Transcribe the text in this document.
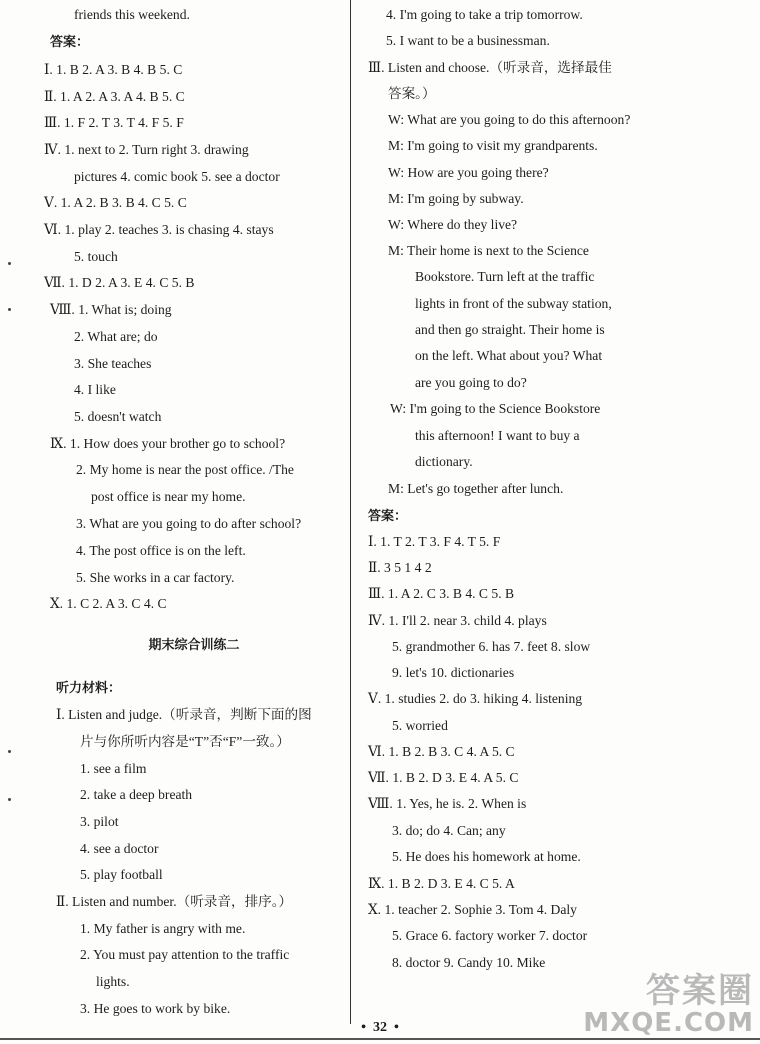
friends this weekend.
答案：
Ⅰ. 1. B 2. A 3. B 4. B 5. C
Ⅱ. 1. A 2. A 3. A 4. B 5. C
Ⅲ. 1. F 2. T 3. T 4. F 5. F
Ⅳ. 1. next to 2. Turn right 3. drawing
pictures 4. comic book 5. see a doctor
Ⅴ. 1. A 2. B 3. B 4. C 5. C
Ⅵ. 1. play 2. teaches 3. is chasing 4. stays
5. touch
Ⅶ. 1. D 2. A 3. E 4. C 5. B
Ⅷ. 1. What is; doing
2. What are; do
3. She teaches
4. I like
5. doesn't watch
Ⅸ. 1. How does your brother go to school?
2. My home is near the post office. /The
post office is near my home.
3. What are you going to do after school?
4. The post office is on the left.
5. She works in a car factory.
Ⅹ. 1. C 2. A 3. C 4. C
期末综合训练二
听力材料：
Ⅰ. Listen and judge.（听录音，判断下面的图
片与你所听内容是“T”否“F”一致。）
1. see a film
2. take a deep breath
3. pilot
4. see a doctor
5. play football
Ⅱ. Listen and number.（听录音，排序。）
1. My father is angry with me.
2. You must pay attention to the traffic
lights.
3. He goes to work by bike.
4. I'm going to take a trip tomorrow.
5. I want to be a businessman.
Ⅲ. Listen and choose.（听录音，选择最佳
答案。）
W: What are you going to do this afternoon?
M: I'm going to visit my grandparents.
W: How are you going there?
M: I'm going by subway.
W: Where do they live?
M: Their home is next to the Science
Bookstore. Turn left at the traffic
lights in front of the subway station,
and then go straight. Their home is
on the left. What about you? What
are you going to do?
W: I'm going to the Science Bookstore
this afternoon! I want to buy a
dictionary.
M: Let's go together after lunch.
答案：
Ⅰ. 1. T 2. T 3. F 4. T 5. F
Ⅱ. 3 5 1 4 2
Ⅲ. 1. A 2. C 3. B 4. C 5. B
Ⅳ. 1. I'll 2. near 3. child 4. plays
5. grandmother 6. has 7. feet 8. slow
9. let's 10. dictionaries
Ⅴ. 1. studies 2. do 3. hiking 4. listening
5. worried
Ⅵ. 1. B 2. B 3. C 4. A 5. C
Ⅶ. 1. B 2. D 3. E 4. A 5. C
Ⅷ. 1. Yes, he is. 2. When is
3. do; do 4. Can; any
5. He does his homework at home.
Ⅸ. 1. B 2. D 3. E 4. C 5. A
Ⅹ. 1. teacher 2. Sophie 3. Tom 4. Daly
5. Grace 6. factory worker 7. doctor
8. doctor 9. Candy 10. Mike
•  32  •
答案圈
MXQE.COM
